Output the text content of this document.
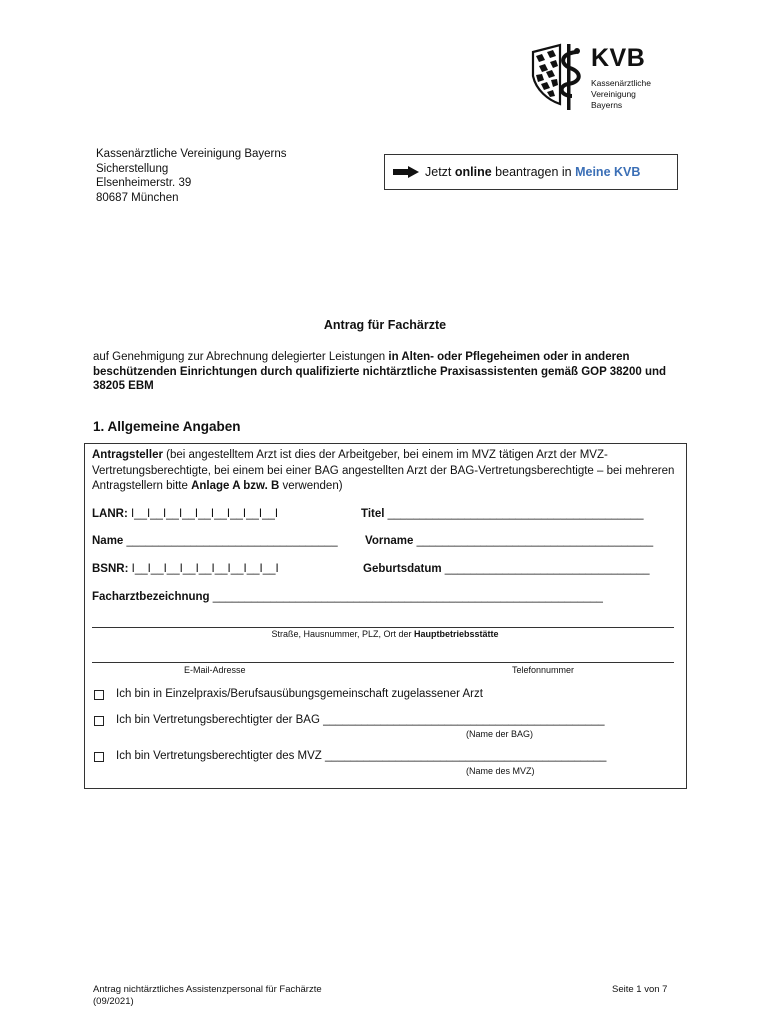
KVB
Kassenärztliche
Vereinigung
Bayerns
Kassenärztliche Vereinigung Bayerns
Sicherstellung
Elsenheimerstr. 39
80687 München
Jetzt online beantragen in Meine KVB
Antrag für Fachärzte
auf Genehmigung zur Abrechnung delegierter Leistungen in Alten- oder Pflegeheimen oder in anderen beschützenden Einrichtungen durch qualifizierte nichtärztliche Praxisassistenten gemäß GOP 38200 und 38205 EBM
1. Allgemeine Angaben
Antragsteller (bei angestelltem Arzt ist dies der Arbeitgeber, bei einem im MVZ tätigen Arzt der MVZ-Vertretungsberechtigte, bei einem bei einer BAG angestellten Arzt der BAG-Vertretungsberechtigte – bei mehreren Antragstellern bitte Anlage A bzw. B verwenden)
LANR: I__I__I__I__I__I__I__I__I__I	Titel ________________________________________
Name _________________________________ Vorname _____________________________________
BSNR: I__I__I__I__I__I__I__I__I__I	Geburtsdatum ________________________________
Facharztbezeichnung _____________________________________________________________
Straße, Hausnummer, PLZ, Ort der Hauptbetriebsstätte
E-Mail-Adresse	Telefonnummer
Ich bin in Einzelpraxis/Berufsausübungsgemeinschaft zugelassener Arzt
Ich bin Vertretungsberechtigter der BAG ____________________________________________
(Name der BAG)
Ich bin Vertretungsberechtigter des MVZ ____________________________________________
(Name des MVZ)
Antrag nichtärztliches Assistenzpersonal für Fachärzte
(09/2021)
Seite 1 von 7
